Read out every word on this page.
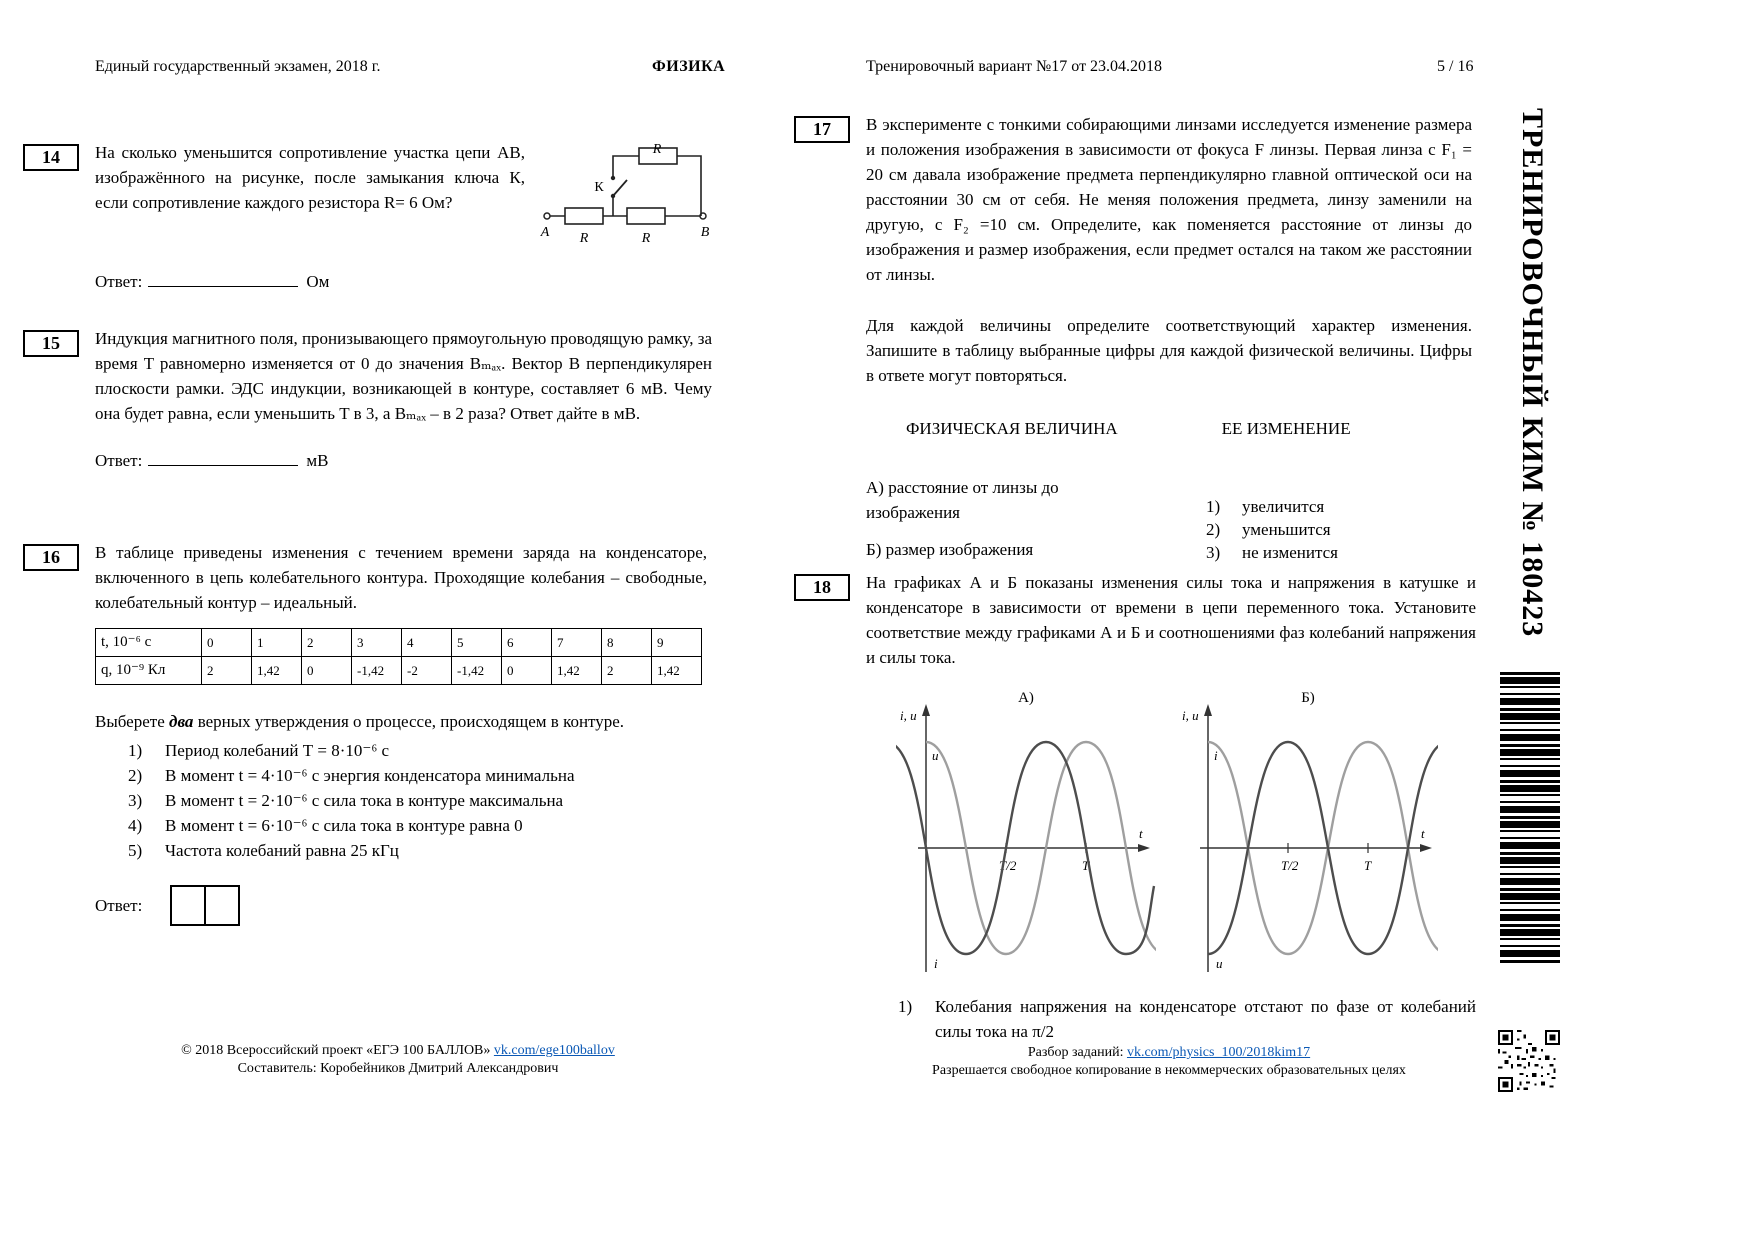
Единый государственный экзамен, 2018 г.	ФИЗИКА	Тренировочный вариант №17 от 23.04.2018	5 / 16
14	R
К
R	R
A	B
На сколько уменьшится сопротивление участка цепи AB, изображённого на рисунке, после замыкания ключа К, если сопротивление каждого резистора R= 6 Ом?
Ответ:	Ом
15	Индукция магнитного поля, пронизывающего прямоугольную проводящую рамку, за время T равномерно изменяется от 0 до значения Bₘₐₓ. Вектор B перпендикулярен плоскости рамки. ЭДС индукции, возникающей в контуре, составляет 6 мВ. Чему она будет равна, если уменьшить T в 3, а Bₘₐₓ – в 2 раза? Ответ дайте в мВ.
Ответ:	мВ
16	В таблице приведены изменения с течением времени заряда на конденсаторе, включенного в цепь колебательного контура. Проходящие колебания – свободные, колебательный контур – идеальный.
t, 10⁻⁶ с	0	1	2	3	4	5	6	7	8	9
q, 10⁻⁹ Кл	2	1,42	0	-1,42	-2	-1,42	0	1,42	2	1,42
Выберете два верных утверждения о процессе, происходящем в контуре.
1)	Период колебаний Т = 8·10⁻⁶ с
2)	В момент t = 4·10⁻⁶ с энергия конденсатора минимальна
3)	В момент t = 2·10⁻⁶ с сила тока в контуре максимальна
4)	В момент t = 6·10⁻⁶ с сила тока в контуре равна 0
5)	Частота колебаний равна 25 кГц
Ответ:
© 2018 Всероссийский проект «ЕГЭ 100 БАЛЛОВ» vk.com/ege100ballov
Составитель: Коробейников Дмитрий Александрович
17	В эксперименте с тонкими собирающими линзами исследуется изменение размера и положения изображения в зависимости от фокуса F линзы. Первая линза с F₁ = 20 см давала изображение предмета перпендикулярно главной оптической оси на расстоянии 30 см от себя. Не меняя положения предмета, линзу заменили на другую, с F₂ =10 см. Определите, как поменяется расстояние от линзы до изображения и размер изображения, если предмет остался на таком же расстоянии от линзы.
Для каждой величины определите соответствующий характер изменения. Запишите в таблицу выбранные цифры для каждой физической величины. Цифры в ответе могут повторяться.
ФИЗИЧЕСКАЯ ВЕЛИЧИНА	ЕЕ ИЗМЕНЕНИЕ
А) расстояние от линзы до изображения
Б) размер изображения
1)	увеличится
2)	уменьшится
3)	не изменится
18	На графиках А и Б показаны изменения силы тока и напряжения в катушке и конденсаторе в зависимости от времени в цепи переменного тока. Установите соответствие между графиками А и Б и соотношениями фаз колебаний напряжения и силы тока.
А)
i, u
t
T/2	T
u
i
Б)
i, u
t
T/2	T
i
u
1)	Колебания напряжения на конденсаторе отстают по фазе от колебаний силы тока на π/2
Разбор заданий: vk.com/physics_100/2018kim17
Разрешается свободное копирование в некоммерческих образовательных целях
ТРЕНИРОВОЧНЫЙ КИМ № 180423
